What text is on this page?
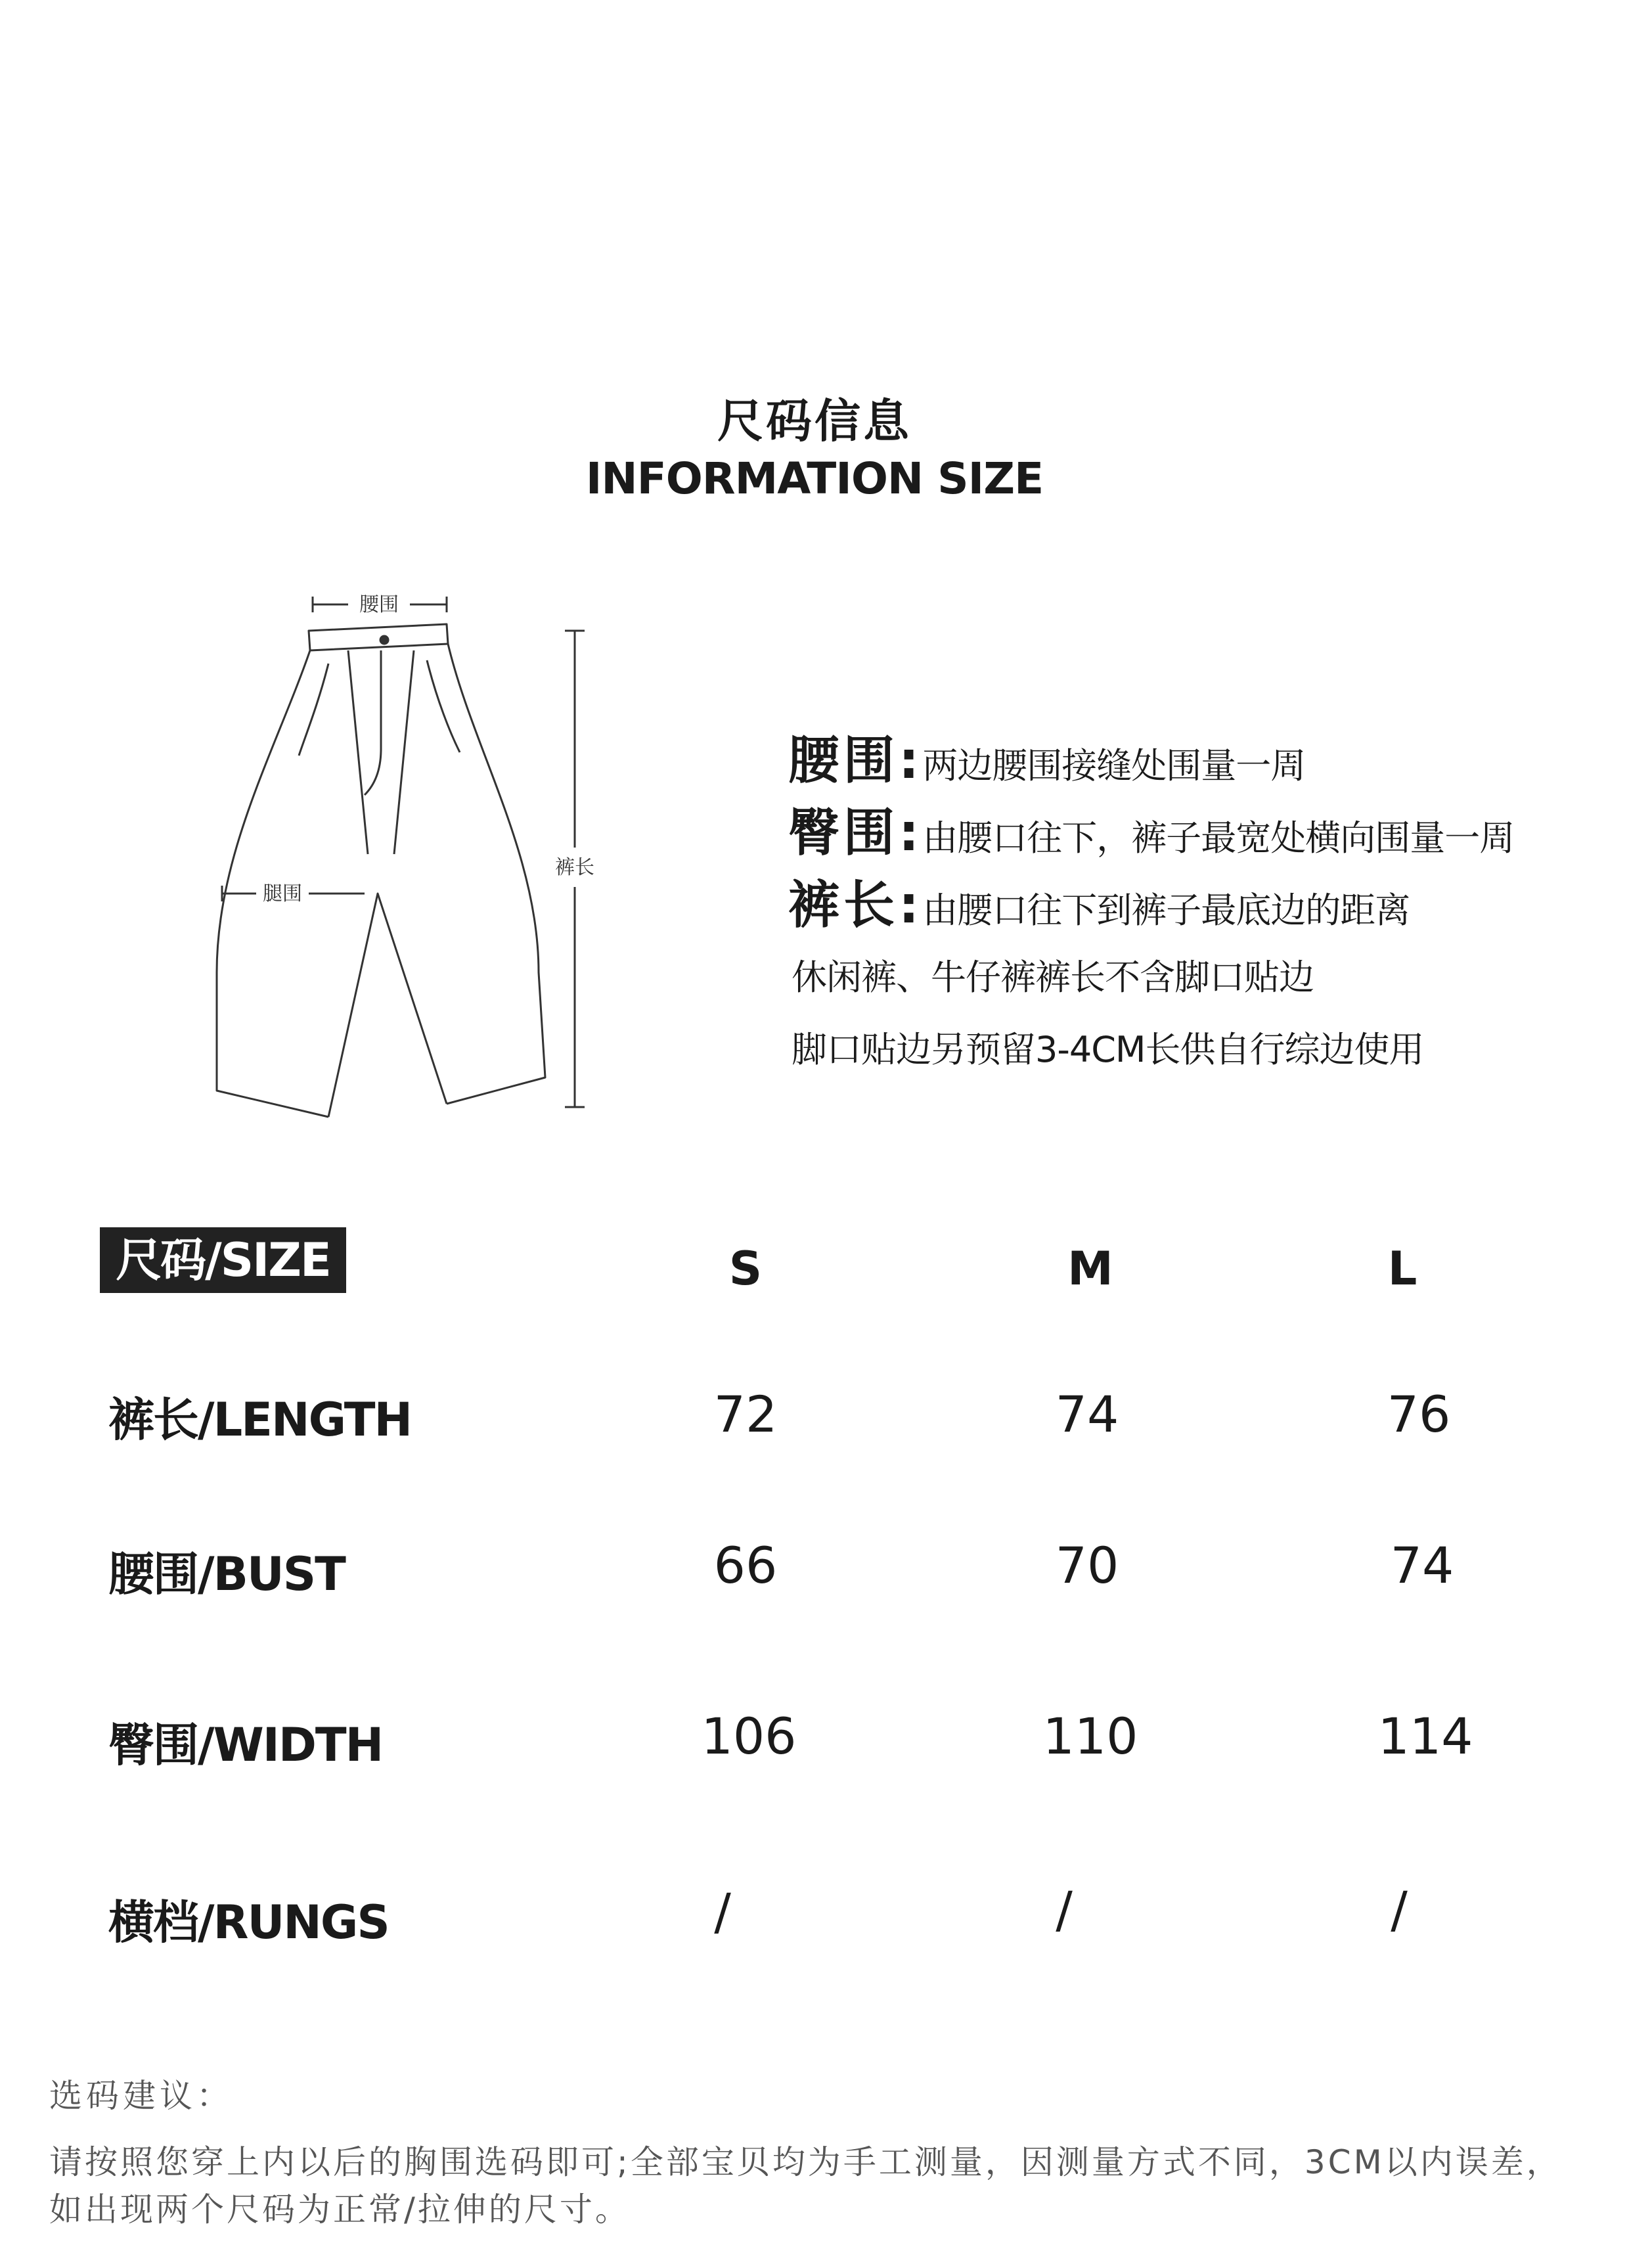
尺码信息
INFORMATION SIZE
腰围
腿围
裤长
腰围: 两边腰围接缝处围量一周
臀围: 由腰口往下，裤子最宽处横向围量一周
裤长: 由腰口往下到裤子最底边的距离
休闲裤、牛仔裤裤长不含脚口贴边
脚口贴边另预留3-4CM长供自行综边使用
尺码/SIZE	S	M	L
裤长/LENGTH	72	74	76
腰围/BUST	66	70	74
臀围/WIDTH	106	110	114
横档/RUNGS	/	/	/
选码建议：
请按照您穿上内以后的胸围选码即可;全部宝贝均为手工测量，因测量方式不同，3CM以内误差，如出现两个尺码为正常/拉伸的尺寸。
